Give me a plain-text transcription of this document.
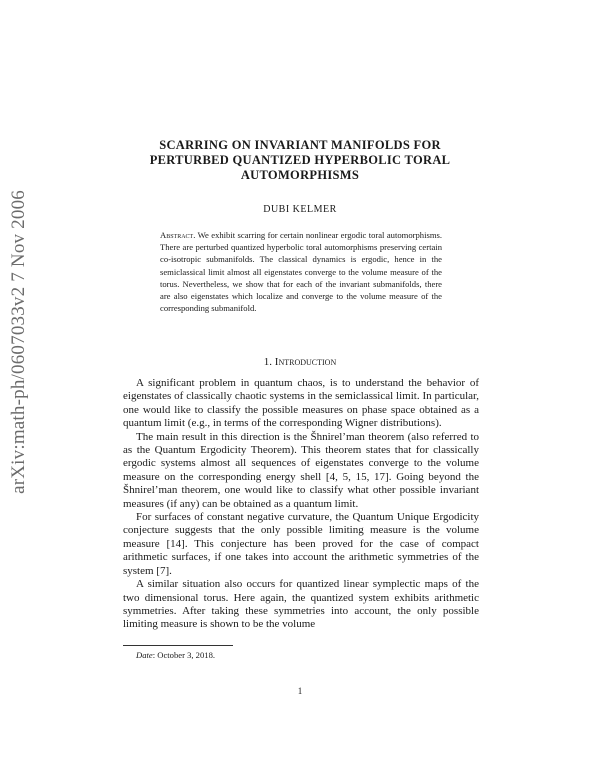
arXiv:math-ph/0607033v2 7 Nov 2006
SCARRING ON INVARIANT MANIFOLDS FOR
PERTURBED QUANTIZED HYPERBOLIC TORAL
AUTOMORPHISMS
DUBI KELMER
Abstract. We exhibit scarring for certain nonlinear ergodic toral automorphisms. There are perturbed quantized hyperbolic toral automorphisms preserving certain co-isotropic submanifolds. The classical dynamics is ergodic, hence in the semiclassical limit almost all eigenstates converge to the volume measure of the torus. Nevertheless, we show that for each of the invariant submanifolds, there are also eigenstates which localize and converge to the volume measure of the corresponding submanifold.
1. Introduction

A significant problem in quantum chaos, is to understand the behavior of eigenstates of classically chaotic systems in the semiclassical limit. In particular, one would like to classify the possible measures on phase space obtained as a quantum limit (e.g., in terms of the corresponding Wigner distributions).

The main result in this direction is the Šhnirel’man theorem (also referred to as the Quantum Ergodicity Theorem). This theorem states that for classically ergodic systems almost all sequences of eigenstates converge to the volume measure on the corresponding energy shell [4, 5, 15, 17]. Going beyond the Šhnirel’man theorem, one would like to classify what other possible invariant measures (if any) can be obtained as a quantum limit.

For surfaces of constant negative curvature, the Quantum Unique Ergodicity conjecture suggests that the only possible limiting measure is the volume measure [14]. This conjecture has been proved for the case of compact arithmetic surfaces, if one takes into account the arithmetic symmetries of the system [7].

A similar situation also occurs for quantized linear symplectic maps of the two dimensional torus. Here again, the quantized system exhibits arithmetic symmetries. After taking these symmetries into account, the only possible limiting measure is shown to be the volume

Date: October 3, 2018.
1
